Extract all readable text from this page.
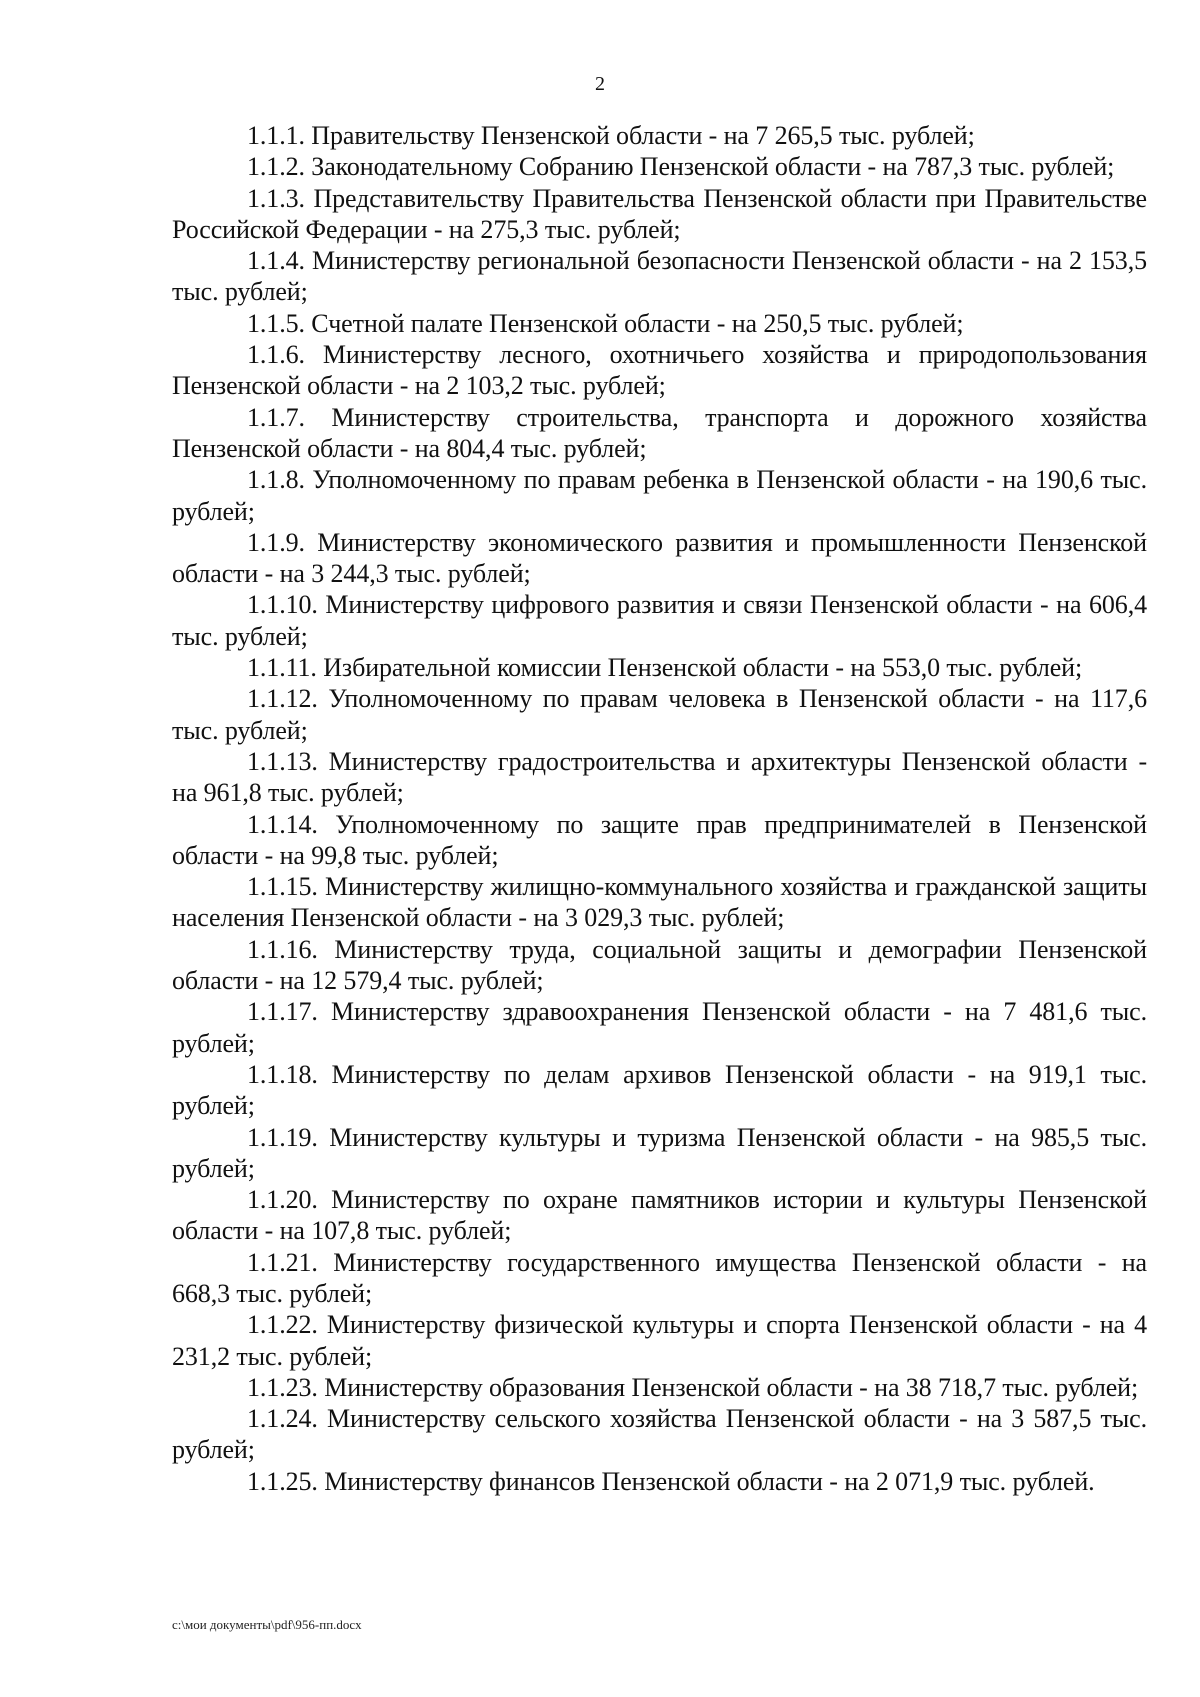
2

1.1.1. Правительству Пензенской области - на 7 265,5 тыс. рублей;

1.1.2. Законодательному Собранию Пензенской области - на 787,3 тыс. рублей;

1.1.3. Представительству Правительства Пензенской области при Правительстве Российской Федерации - на 275,3 тыс. рублей;

1.1.4. Министерству региональной безопасности Пензенской области - на 2 153,5 тыс. рублей;

1.1.5. Счетной палате Пензенской области - на 250,5 тыс. рублей;

1.1.6. Министерству лесного, охотничьего хозяйства и природопользования Пензенской области - на 2 103,2 тыс. рублей;

1.1.7. Министерству строительства, транспорта и дорожного хозяйства Пензенской области - на 804,4 тыс. рублей;

1.1.8. Уполномоченному по правам ребенка в Пензенской области - на 190,6 тыс. рублей;

1.1.9. Министерству экономического развития и промышленности Пензенской области - на 3 244,3 тыс. рублей;

1.1.10. Министерству цифрового развития и связи Пензенской области - на 606,4 тыс. рублей;

1.1.11. Избирательной комиссии Пензенской области - на 553,0 тыс. рублей;

1.1.12. Уполномоченному по правам человека в Пензенской области - на 117,6 тыс. рублей;

1.1.13. Министерству градостроительства и архитектуры Пензенской области - на 961,8 тыс. рублей;

1.1.14. Уполномоченному по защите прав предпринимателей в Пензенской области - на 99,8 тыс. рублей;

1.1.15. Министерству жилищно-коммунального хозяйства и гражданской защиты населения Пензенской области - на 3 029,3 тыс. рублей;

1.1.16. Министерству труда, социальной защиты и демографии Пензенской области - на 12 579,4 тыс. рублей;

1.1.17. Министерству здравоохранения Пензенской области - на 7 481,6 тыс. рублей;

1.1.18. Министерству по делам архивов Пензенской области - на 919,1 тыс. рублей;

1.1.19. Министерству культуры и туризма Пензенской области - на 985,5 тыс. рублей;

1.1.20. Министерству по охране памятников истории и культуры Пензенской области - на 107,8 тыс. рублей;

1.1.21. Министерству государственного имущества Пензенской области - на 668,3 тыс. рублей;

1.1.22. Министерству физической культуры и спорта Пензенской области - на 4 231,2 тыс. рублей;

1.1.23. Министерству образования Пензенской области - на 38 718,7 тыс. рублей;

1.1.24. Министерству сельского хозяйства Пензенской области - на 3 587,5 тыс. рублей;

1.1.25. Министерству финансов Пензенской области - на 2 071,9 тыс. рублей.

c:\мои документы\pdf\956-пп.docx
